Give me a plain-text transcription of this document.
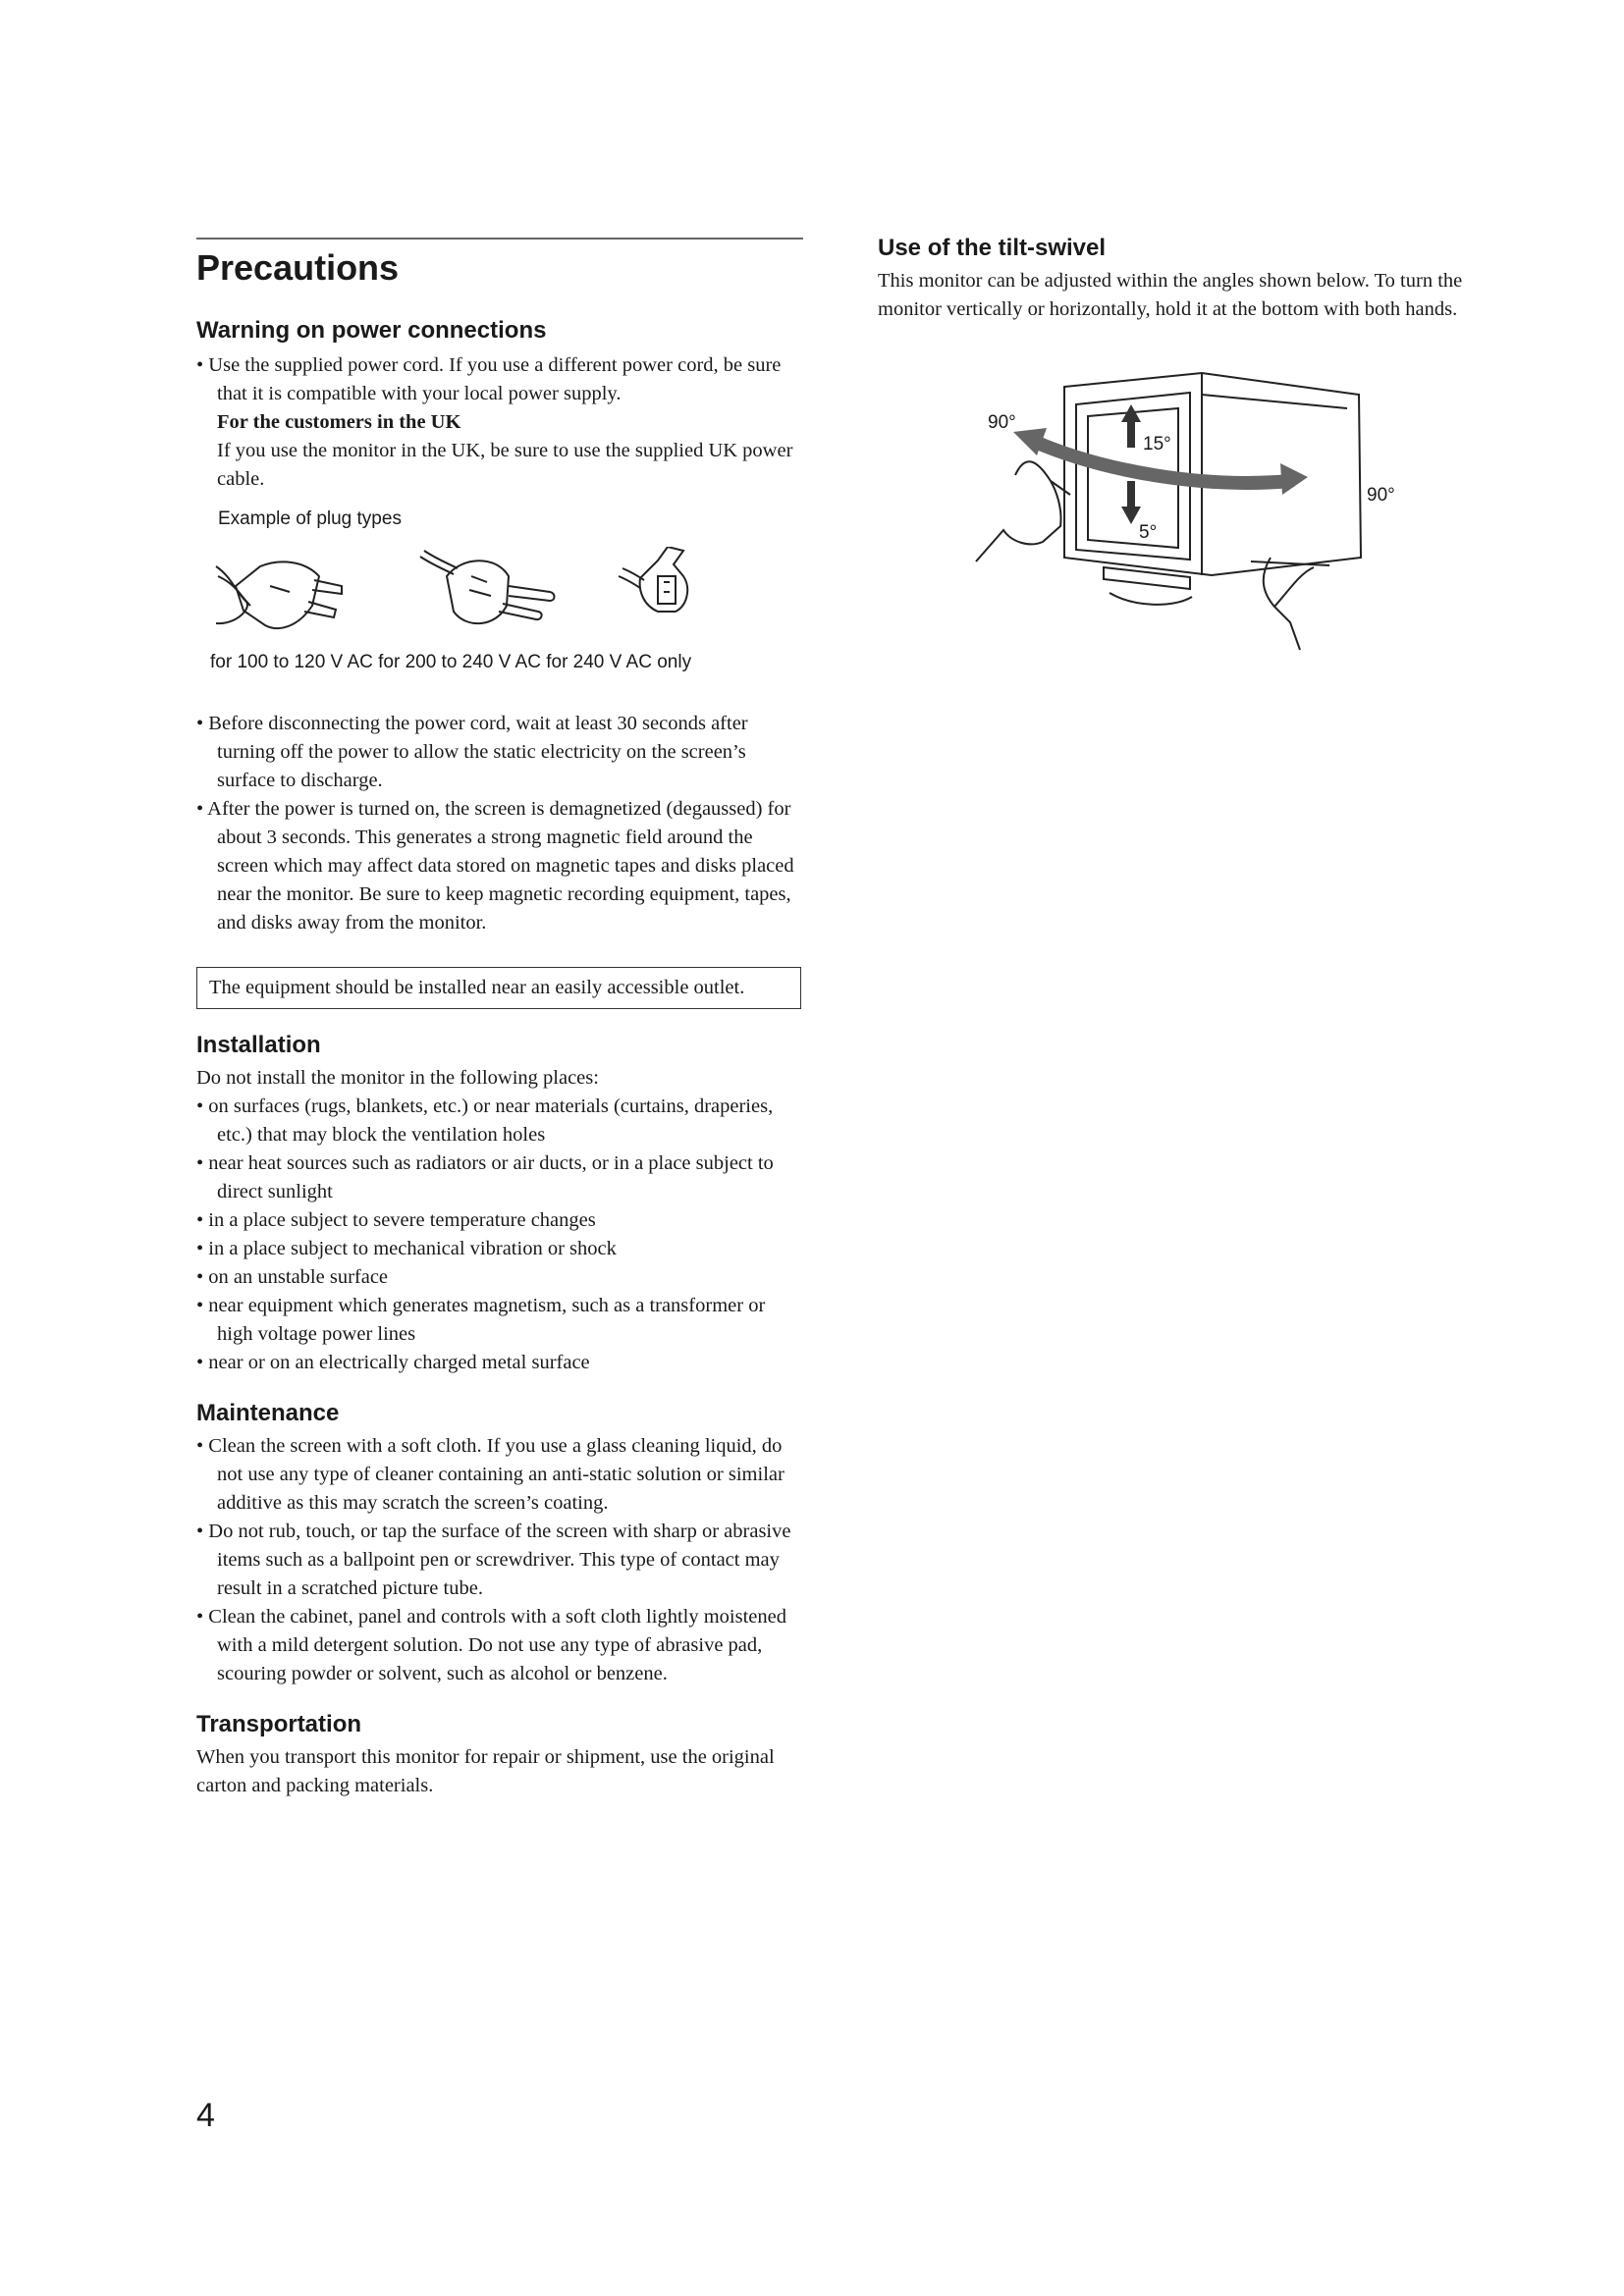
Precautions
Warning on power connections
• Use the supplied power cord. If you use a different power cord, be sure that it is compatible with your local power supply.
For the customers in the UK
If you use the monitor in the UK, be sure to use the supplied UK power cable.
Example of plug types
for 100 to 120 V AC for 200 to 240 V AC for 240 V AC only
• Before disconnecting the power cord, wait at least 30 seconds after turning off the power to allow the static electricity on the screen’s surface to discharge.
• After the power is turned on, the screen is demagnetized (degaussed) for about 3 seconds. This generates a strong magnetic field around the screen which may affect data stored on magnetic tapes and disks placed near the monitor. Be sure to keep magnetic recording equipment, tapes, and disks away from the monitor.
The equipment should be installed near an easily accessible outlet.
Installation
Do not install the monitor in the following places:
• on surfaces (rugs, blankets, etc.) or near materials (curtains, draperies, etc.) that may block the ventilation holes
• near heat sources such as radiators or air ducts, or in a place subject to direct sunlight
• in a place subject to severe temperature changes
• in a place subject to mechanical vibration or shock
• on an unstable surface
• near equipment which generates magnetism, such as a transformer or high voltage power lines
• near or on an electrically charged metal surface
Maintenance
• Clean the screen with a soft cloth. If you use a glass cleaning liquid, do not use any type of cleaner containing an anti-static solution or similar additive as this may scratch the screen’s coating.
• Do not rub, touch, or tap the surface of the screen with sharp or abrasive items such as a ballpoint pen or screwdriver. This type of contact may result in a scratched picture tube.
• Clean the cabinet, panel and controls with a soft cloth lightly moistened with a mild detergent solution. Do not use any type of abrasive pad, scouring powder or solvent, such as alcohol or benzene.
Transportation
When you transport this monitor for repair or shipment, use the original carton and packing materials.
Use of the tilt-swivel
This monitor can be adjusted within the angles shown below. To turn the monitor vertically or horizontally, hold it at the bottom with both hands.
90°
90°
15°
5°
4
